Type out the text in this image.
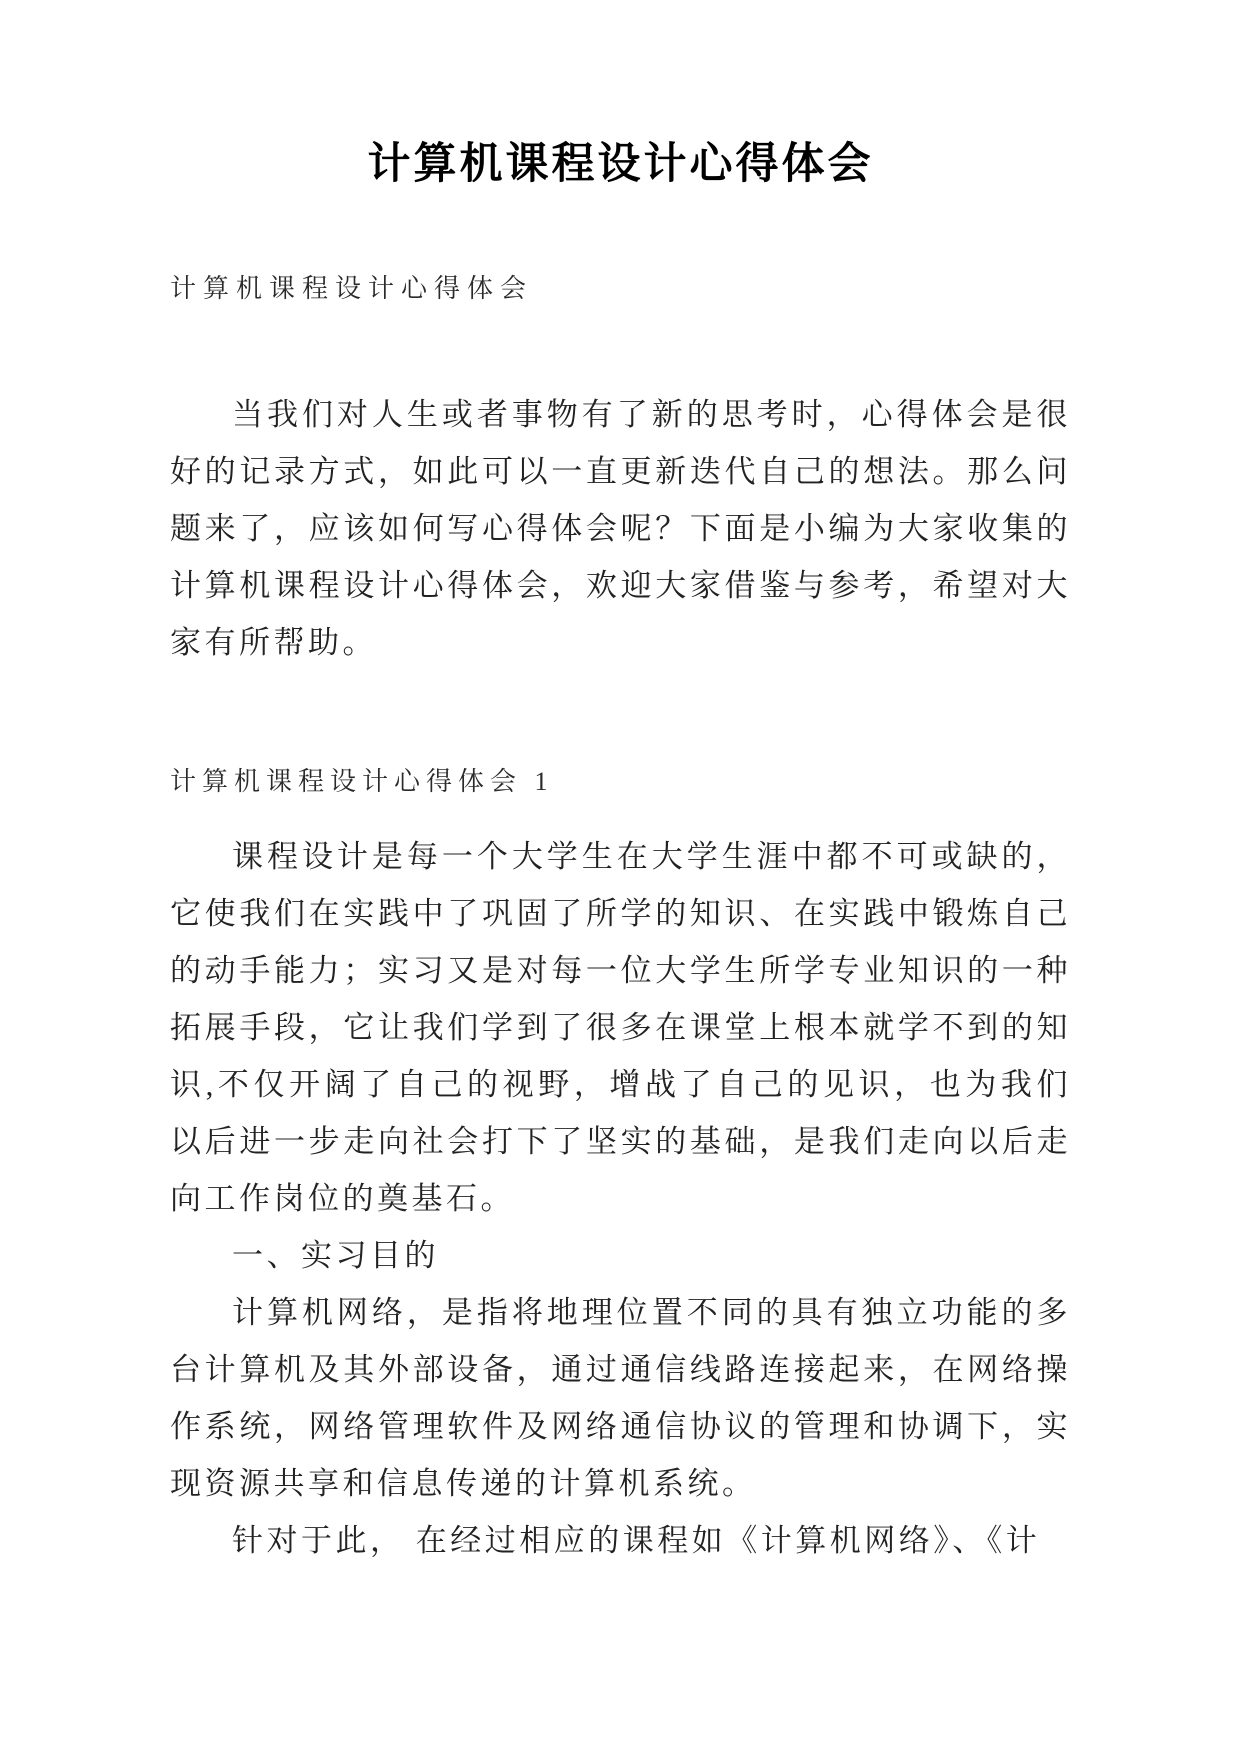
计算机课程设计心得体会

计算机课程设计心得体会

当我们对人生或者事物有了新的思考时，心得体会是很好的记录方式，如此可以一直更新迭代自己的想法。那么问题来了，应该如何写心得体会呢？下面是小编为大家收集的计算机课程设计心得体会，欢迎大家借鉴与参考，希望对大家有所帮助。

计算机课程设计心得体会 1

课程设计是每一个大学生在大学生涯中都不可或缺的，它使我们在实践中了巩固了所学的知识、在实践中锻炼自己的动手能力；实习又是对每一位大学生所学专业知识的一种拓展手段，它让我们学到了很多在课堂上根本就学不到的知识,不仅开阔了自己的视野，增战了自己的见识，也为我们以后进一步走向社会打下了坚实的基础，是我们走向以后走向工作岗位的奠基石。

一、实习目的

计算机网络，是指将地理位置不同的具有独立功能的多台计算机及其外部设备，通过通信线路连接起来，在网络操作系统，网络管理软件及网络通信协议的管理和协调下，实现资源共享和信息传递的计算机系统。

针对于此， 在经过相应的课程如《计算机网络》、《计
